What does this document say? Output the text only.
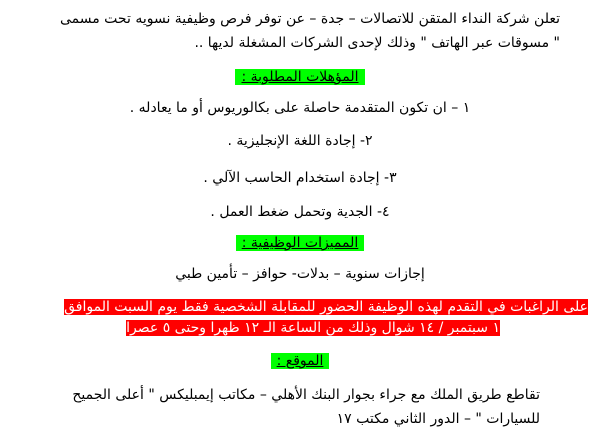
تعلن شركة النداء المتقن للاتصالات – جدة – عن توفر فرص وظيفية نسويه تحت مسمى
" مسوقات عبر الهاتف " وذلك لإحدى الشركات المشغلة لديها ..
المؤهلات المطلوبة :
١ – ان تكون المتقدمة حاصلة على بكالوريوس أو ما يعادله .
٢- إجادة اللغة الإنجليزية .
٣- إجادة استخدام الحاسب الآلي .
٤- الجدية وتحمل ضغط العمل .
المميزات الوظيفية :
إجازات سنوية – بدلات- حوافز – تأمين طبي
على الراغبات في التقدم لهذه الوظيفة الحضور للمقابلة الشخصية فقط يوم السبت الموافق
١ سبتمبر / ١٤ شوال وذلك من الساعة الـ ١٢ ظهرا وحتى ٥ عصرا
الموقع :
تقاطع طريق الملك مع جراء بجوار البنك الأهلي – مكاتب إيمبليكس " أعلى الجميح
للسيارات " – الدور الثاني مكتب ١٧
